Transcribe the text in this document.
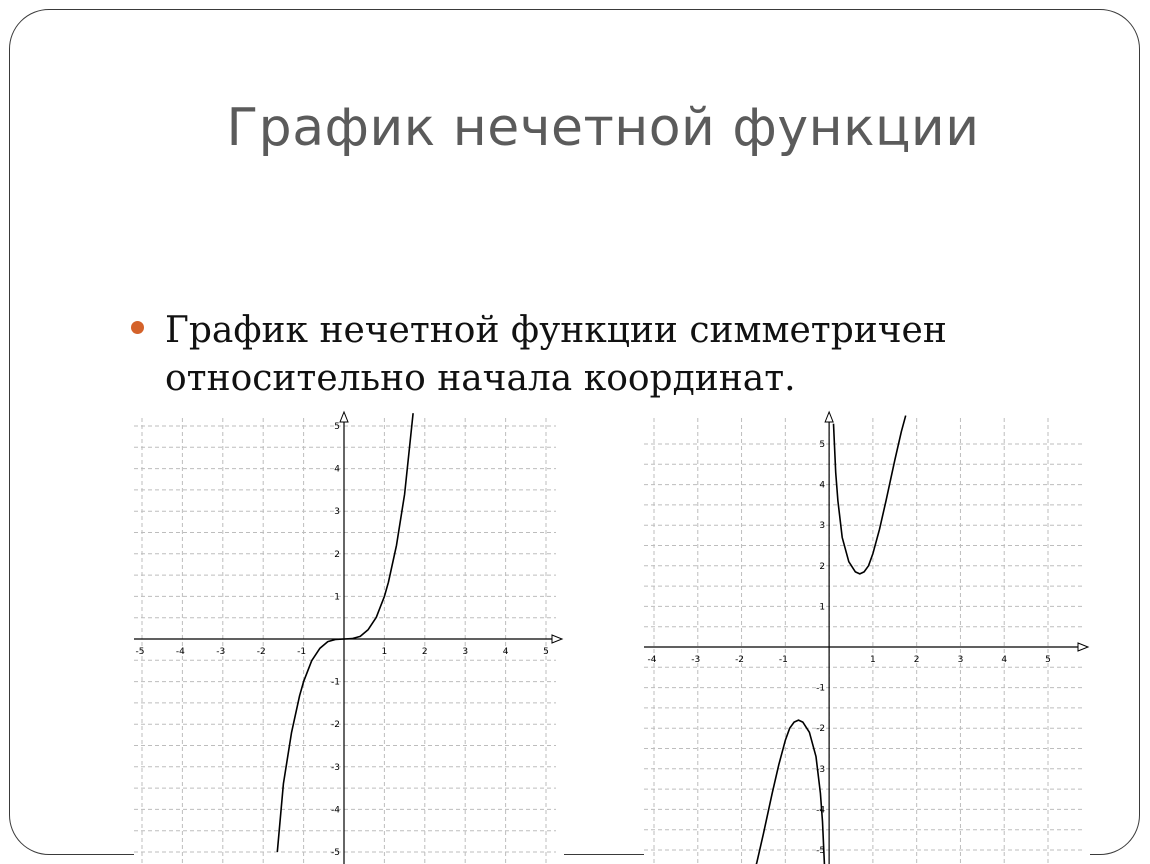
График нечетной функции
График нечетной функции симметричен относительно начала координат.
-5	-4	-3	-2	-1	1	2	3	4	5
5
4
3
2
1
-1
-2
-3
-4
-5
-4	-3	-2	-1	1	2	3	4	5
5
4
3
2
1
-1
-2
-3
-4
-5
